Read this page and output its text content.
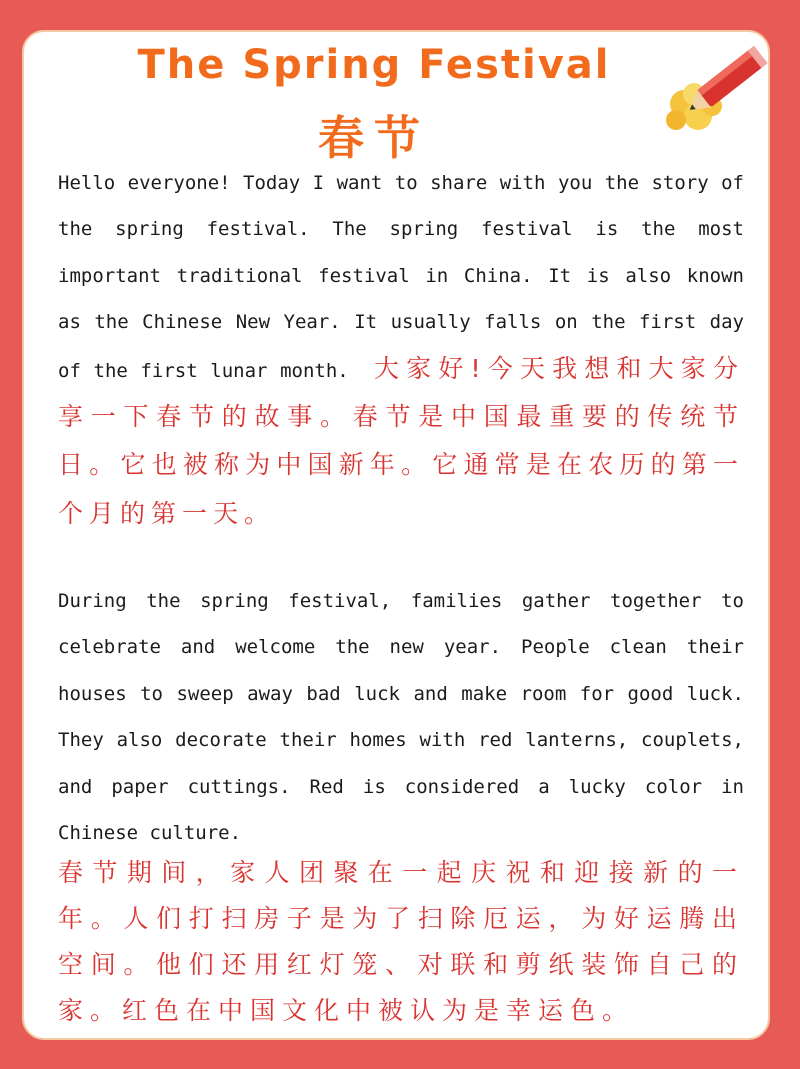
The Spring Festival
春节

Hello everyone! Today I want to share with you the story of the spring festival. The spring festival is the most important traditional festival in China. It is also known as the Chinese New Year. It usually falls on the first day of the first lunar month. 大家好!今天我想和大家分享一下春节的故事。春节是中国最重要的传统节日。它也被称为中国新年。它通常是在农历的第一个月的第一天。

During the spring festival, families gather together to celebrate and welcome the new year. People clean their houses to sweep away bad luck and make room for good luck. They also decorate their homes with red lanterns, couplets, and paper cuttings. Red is considered a lucky color in Chinese culture.

春节期间，家人团聚在一起庆祝和迎接新的一年。人们打扫房子是为了扫除厄运，为好运腾出空间。他们还用红灯笼、对联和剪纸装饰自己的家。红色在中国文化中被认为是幸运色。
